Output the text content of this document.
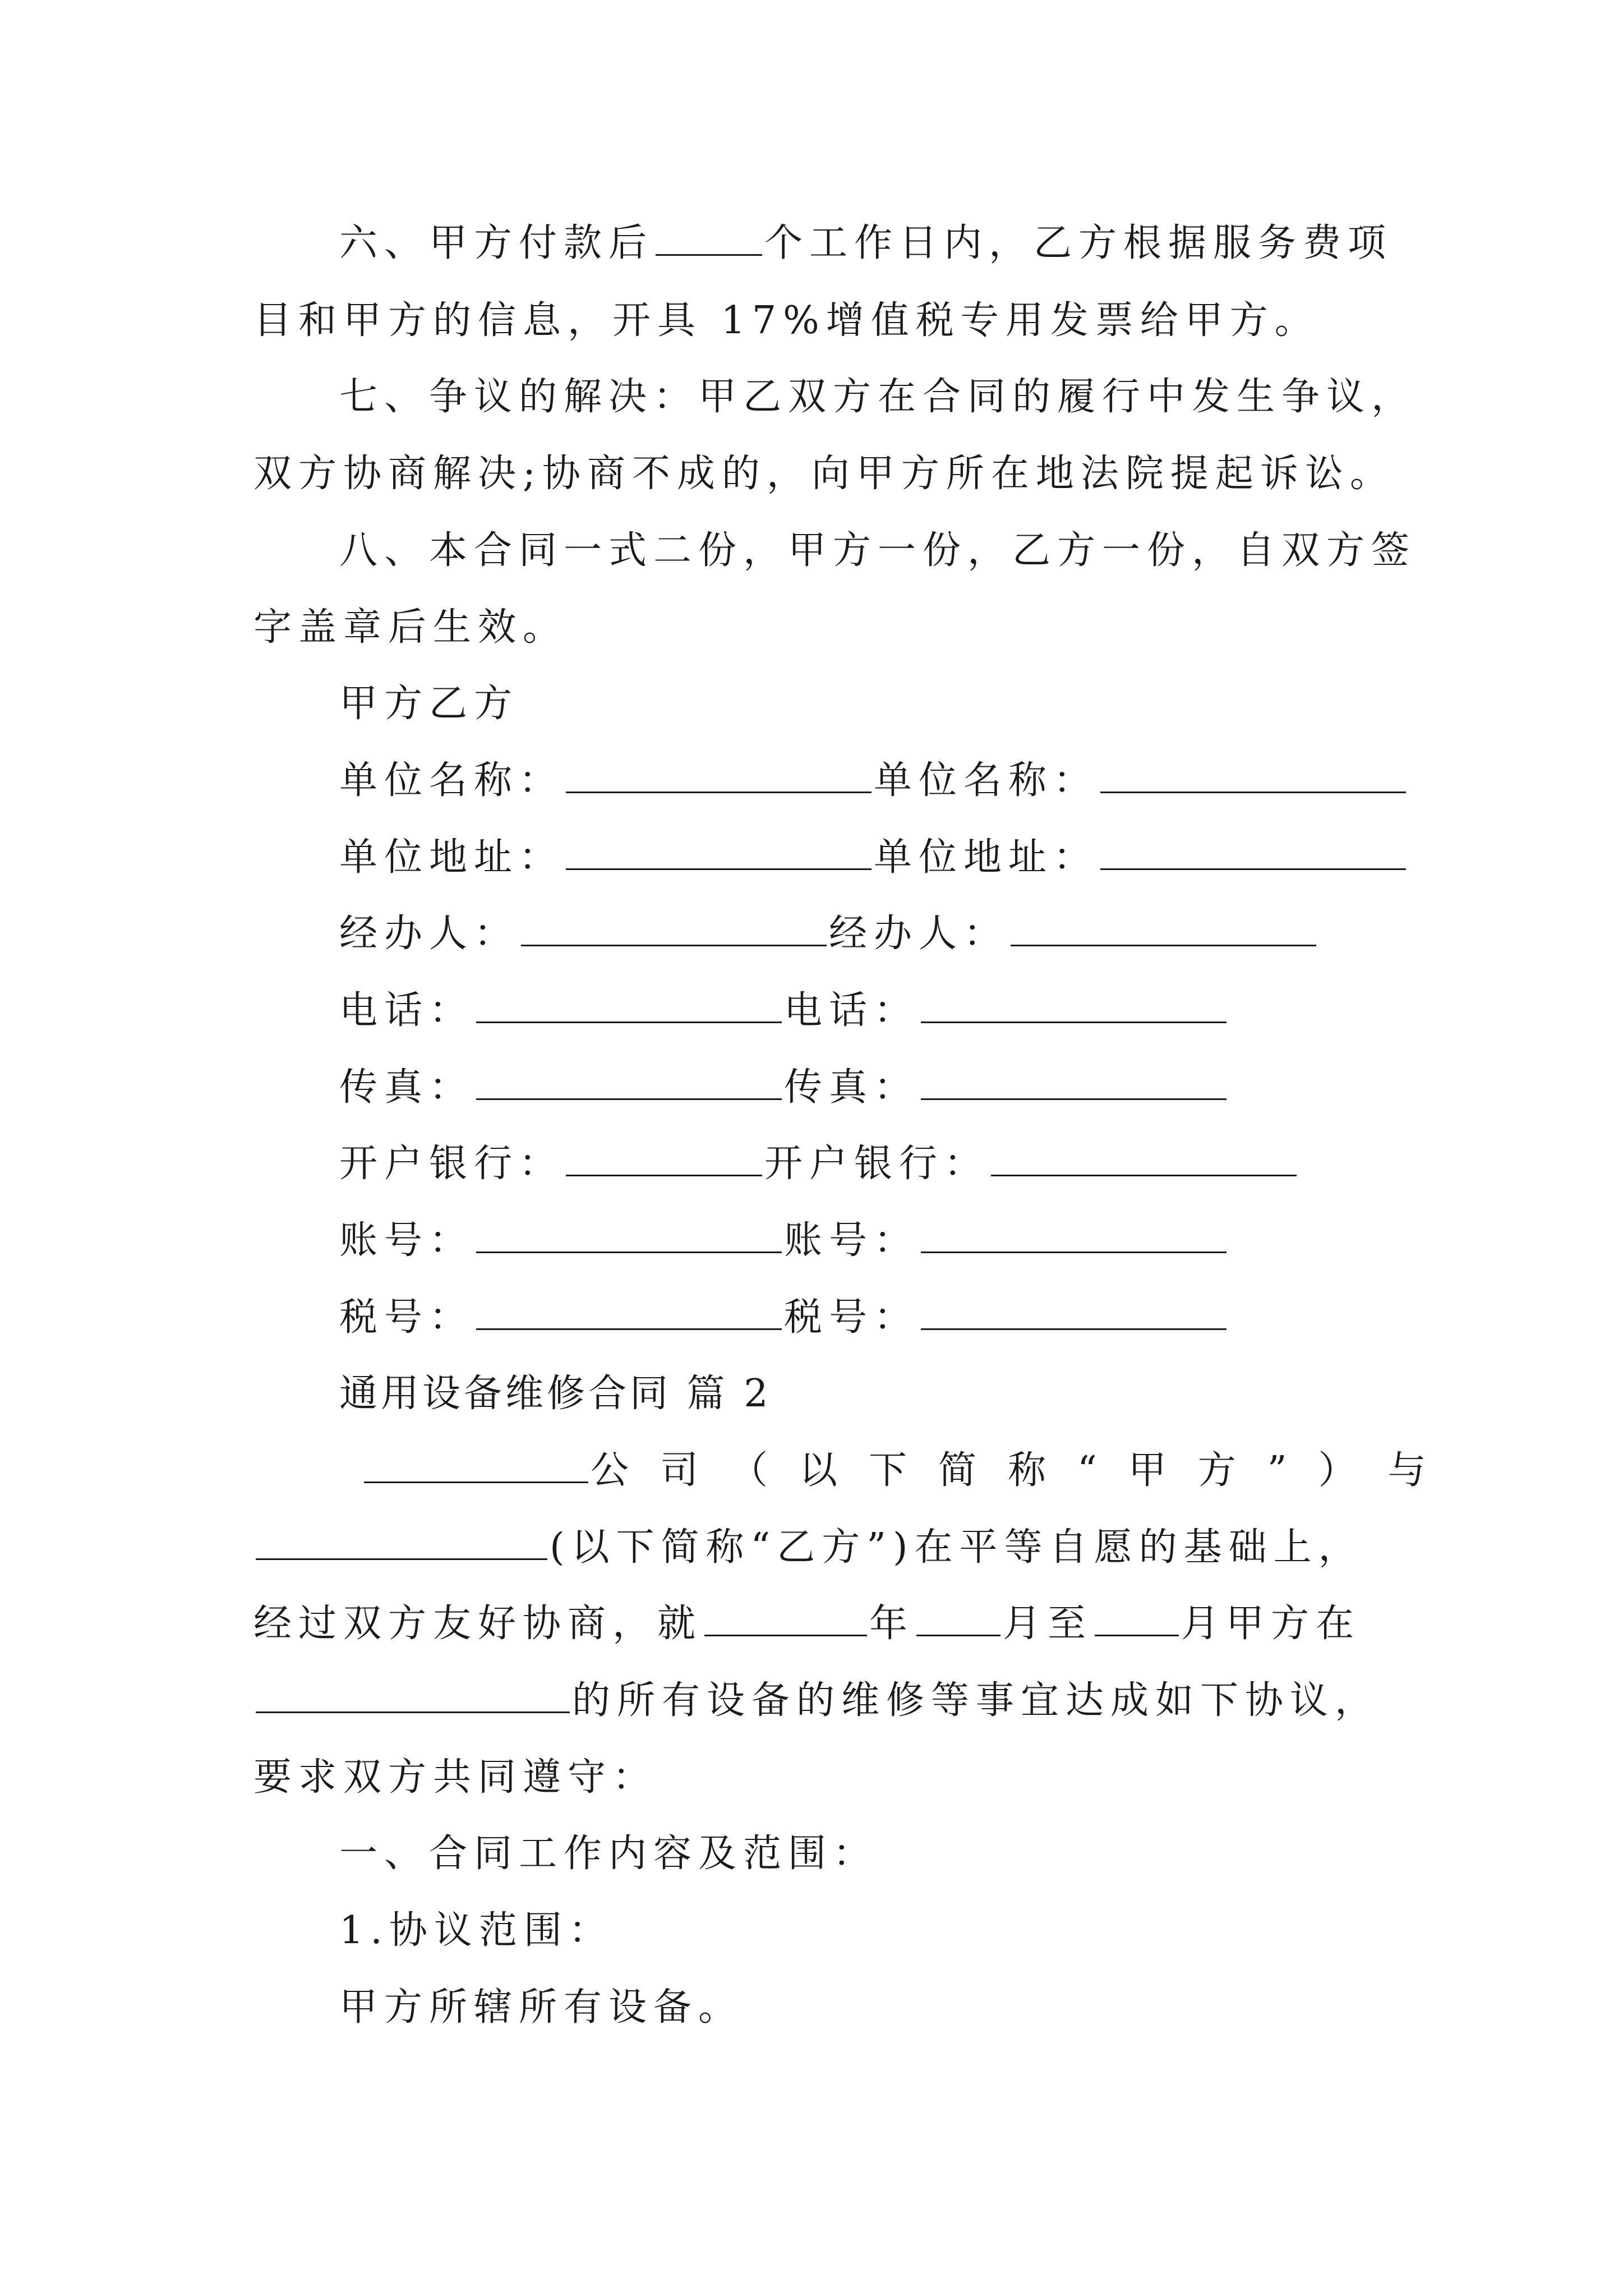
六、甲方付款后	个工作日内，乙方根据服务费项
目和甲方的信息，开具 17%增值税专用发票给甲方。
七、争议的解决：甲乙双方在合同的履行中发生争议，
双方协商解决;协商不成的，向甲方所在地法院提起诉讼。
八、本合同一式二份，甲方一份，乙方一份，自双方签
字盖章后生效。
甲方乙方
单位名称：	单位名称：
单位地址：	单位地址：
经办人：	经办人：
电话：	电话：
传真：	传真：
开户银行：	开户银行：
账号：	账号：
税号：	税号：
通用设备维修合同 篇 2
公司（以下简称“甲方”）与
(以下简称“乙方”)在平等自愿的基础上，
经过双方友好协商，就	年 月至 月甲方在
的所有设备的维修等事宜达成如下协议，
要求双方共同遵守：
一、合同工作内容及范围：
1.协议范围：
甲方所辖所有设备。
